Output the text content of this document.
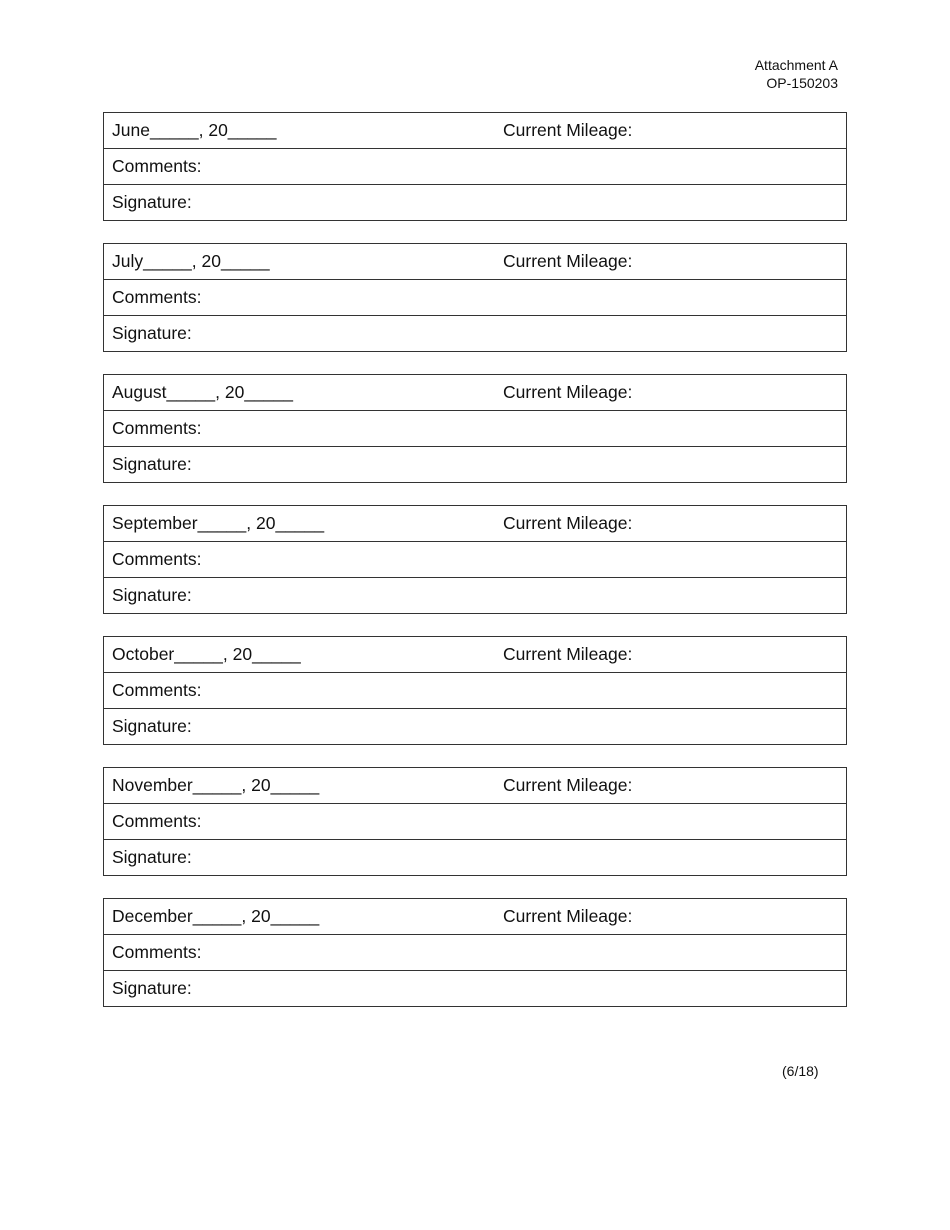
Attachment A
OP-150203
June _____, 20_____	Current Mileage:
Comments:
Signature:
July _____, 20_____	Current Mileage:
Comments:
Signature:
August _____, 20_____	Current Mileage:
Comments:
Signature:
September _____, 20_____	Current Mileage:
Comments:
Signature:
October _____, 20_____	Current Mileage:
Comments:
Signature:
November _____, 20_____	Current Mileage:
Comments:
Signature:
December _____, 20_____	Current Mileage:
Comments:
Signature:
(6/18)
